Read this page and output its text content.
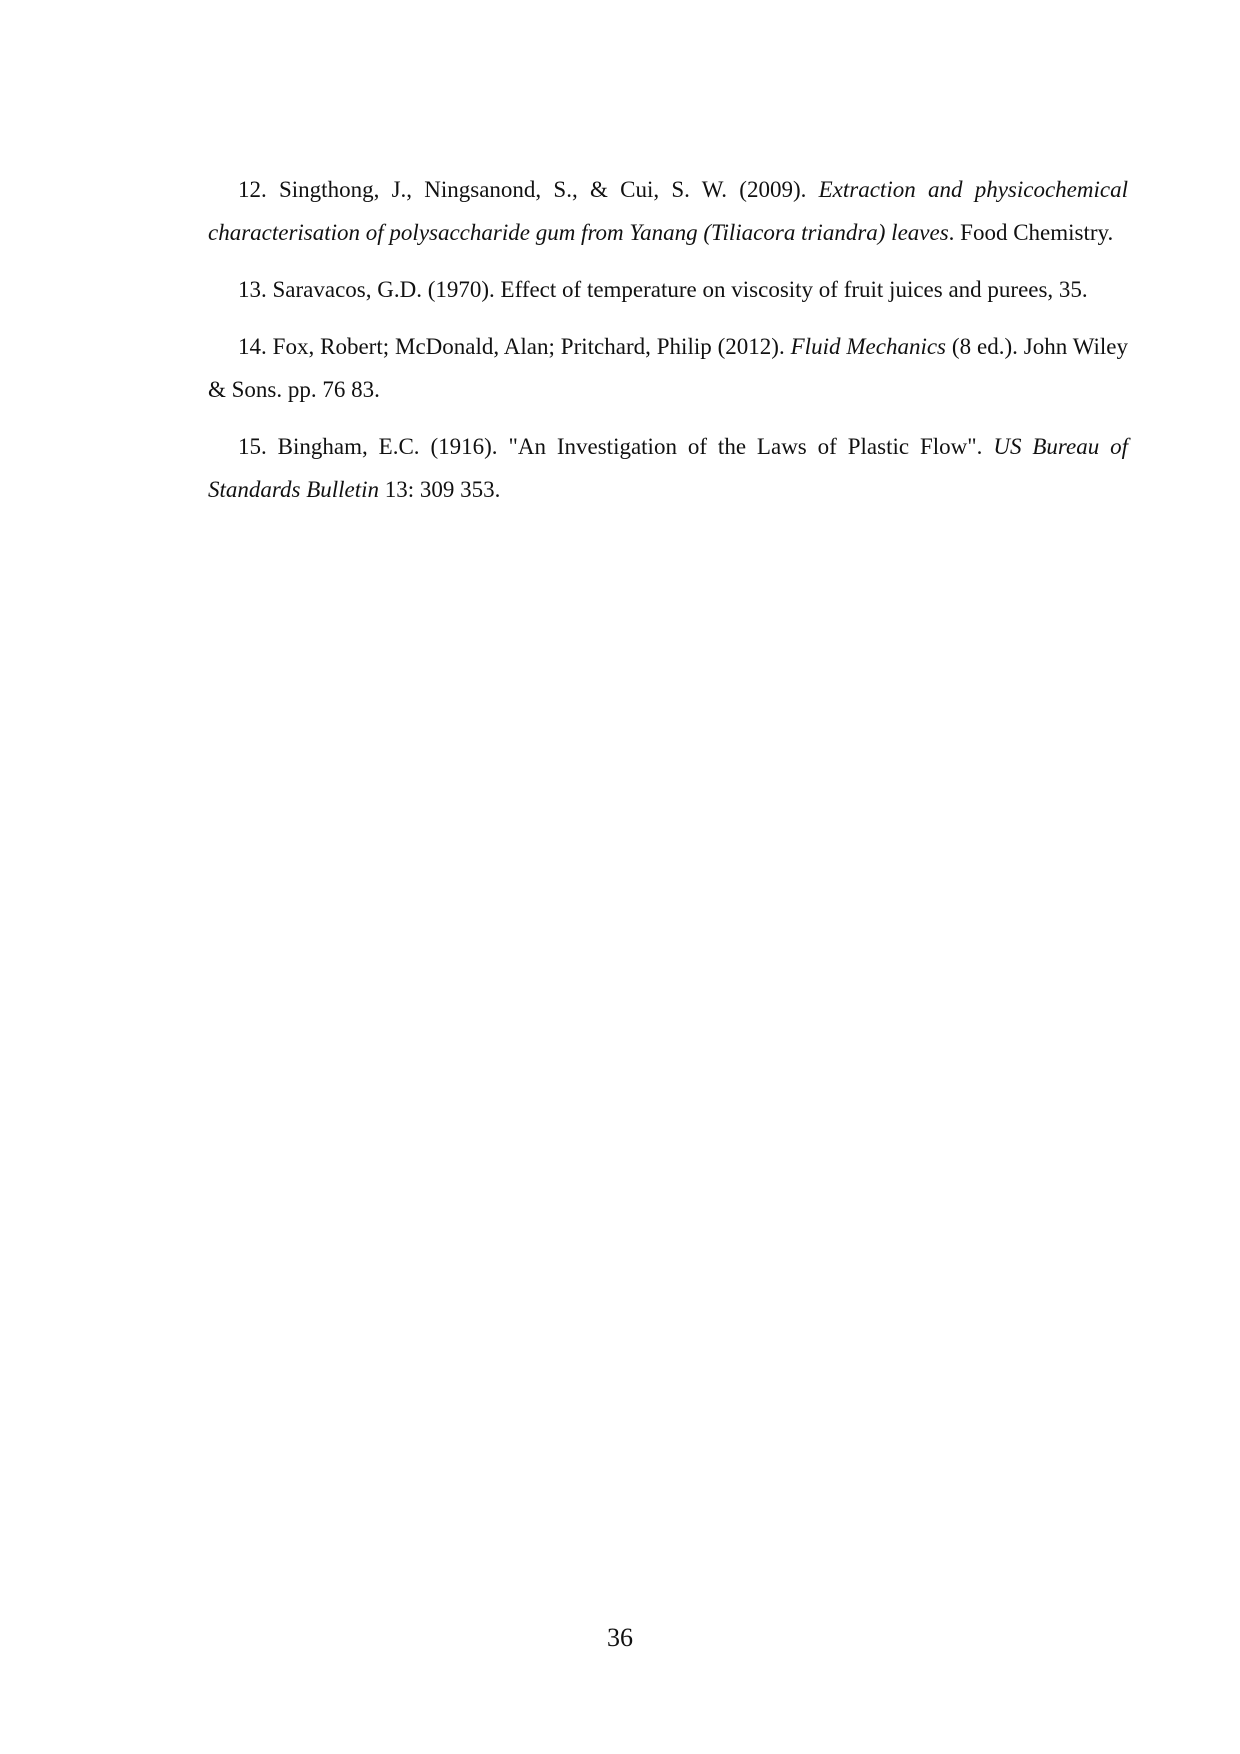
12. Singthong, J., Ningsanond, S., & Cui, S. W. (2009). Extraction and physicochemical characterisation of polysaccharide gum from Yanang (Tiliacora triandra) leaves. Food Chemistry.

13. Saravacos, G.D. (1970). Effect of temperature on viscosity of fruit juices and purees, 35.

14. Fox, Robert; McDonald, Alan; Pritchard, Philip (2012). Fluid Mechanics (8 ed.). John Wiley & Sons. pp. 76 83.

15. Bingham, E.C. (1916). "An Investigation of the Laws of Plastic Flow". US Bureau of Standards Bulletin 13: 309 353.

36
